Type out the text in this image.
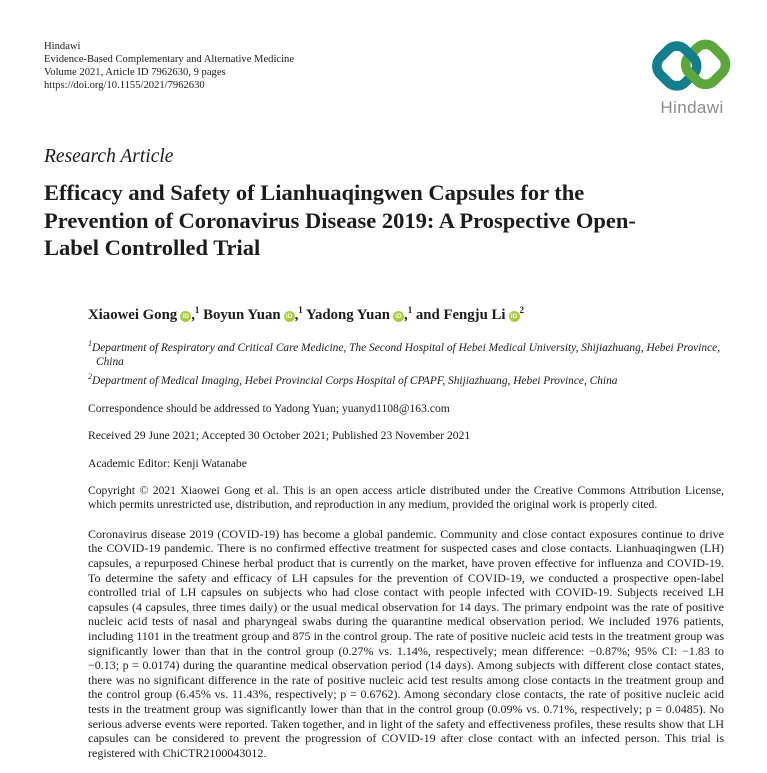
Hindawi
Evidence-Based Complementary and Alternative Medicine
Volume 2021, Article ID 7962630, 9 pages
https://doi.org/10.1155/2021/7962630
Hindawi
Research Article
Efficacy and Safety of Lianhuaqingwen Capsules for the Prevention of Coronavirus Disease 2019: A Prospective Open-Label Controlled Trial
Xiaowei Gong iD ,$^1$ Boyun Yuan iD ,$^1$ Yadong Yuan iD ,$^1$ and Fengju Li $iD^2$
$^1$Department of Respiratory and Critical Care Medicine, The Second Hospital of Hebei Medical University, Shijiazhuang, Hebei Province, China
$^2$Department of Medical Imaging, Hebei Provincial Corps Hospital of CPAPF, Shijiazhuang, Hebei Province, China
Correspondence should be addressed to Yadong Yuan; yuanyd1108@163.com
Received 29 June 2021; Accepted 30 October 2021; Published 23 November 2021
Academic Editor: Kenji Watanabe
Copyright © 2021 Xiaowei Gong et al. This is an open access article distributed under the Creative Commons Attribution License, which permits unrestricted use, distribution, and reproduction in any medium, provided the original work is properly cited.
Coronavirus disease 2019 (COVID-19) has become a global pandemic. Community and close contact exposures continue to drive the COVID-19 pandemic. There is no confirmed effective treatment for suspected cases and close contacts. Lianhuaqingwen (LH) capsules, a repurposed Chinese herbal product that is currently on the market, have proven effective for influenza and COVID-19. To determine the safety and efficacy of LH capsules for the prevention of COVID-19, we conducted a prospective open-label controlled trial of LH capsules on subjects who had close contact with people infected with COVID-19. Subjects received LH capsules (4 capsules, three times daily) or the usual medical observation for 14 days. The primary endpoint was the rate of positive nucleic acid tests of nasal and pharyngeal swabs during the quarantine medical observation period. We included 1976 patients, including 1101 in the treatment group and 875 in the control group. The rate of positive nucleic acid tests in the treatment group was significantly lower than that in the control group (0.27% vs. 1.14%, respectively; mean difference: −0.87%; 95% CI: −1.83 to −0.13; p = 0.0174) during the quarantine medical observation period (14 days). Among subjects with different close contact states, there was no significant difference in the rate of positive nucleic acid test results among close contacts in the treatment group and the control group (6.45% vs. 11.43%, respectively; p = 0.6762). Among secondary close contacts, the rate of positive nucleic acid tests in the treatment group was significantly lower than that in the control group (0.09% vs. 0.71%, respectively; p = 0.0485). No serious adverse events were reported. Taken together, and in light of the safety and effectiveness profiles, these results show that LH capsules can be considered to prevent the progression of COVID-19 after close contact with an infected person. This trial is registered with ChiCTR2100043012.
